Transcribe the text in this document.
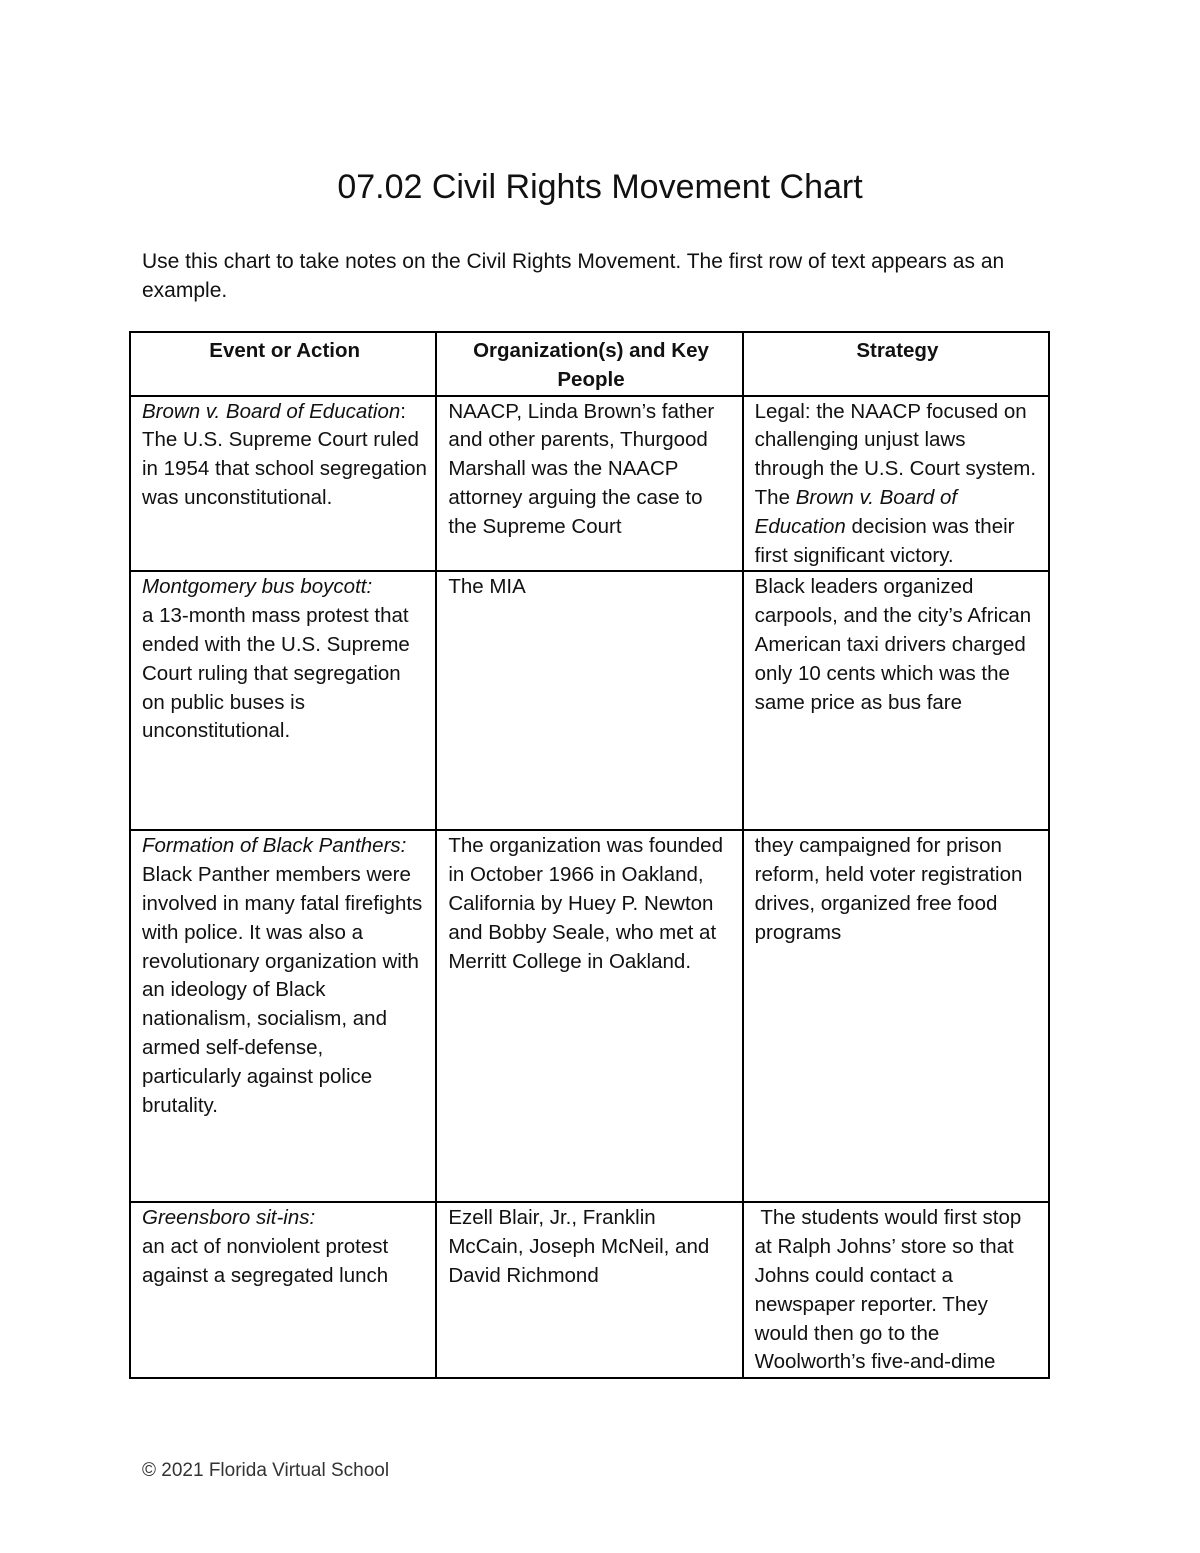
07.02 Civil Rights Movement Chart

Use this chart to take notes on the Civil Rights Movement. The first row of text appears as an example.

Event or Action	Organization(s) and Key People	Strategy
Brown v. Board of Education:
The U.S. Supreme Court ruled in 1954 that school segregation was unconstitutional.	NAACP, Linda Brown’s father and other parents, Thurgood Marshall was the NAACP attorney arguing the case to the Supreme Court	Legal: the NAACP focused on challenging unjust laws through the U.S. Court system. The Brown v. Board of Education decision was their first significant victory.
Montgomery bus boycott:
a 13-month mass protest that ended with the U.S. Supreme Court ruling that segregation on public buses is unconstitutional.	The MIA	Black leaders organized carpools, and the city’s African American taxi drivers charged only 10 cents which was the same price as bus fare
Formation of Black Panthers:
Black Panther members were involved in many fatal firefights with police. It was also a revolutionary organization with an ideology of Black nationalism, socialism, and armed self-defense, particularly against police brutality.	The organization was founded in October 1966 in Oakland, California by Huey P. Newton and Bobby Seale, who met at Merritt College in Oakland.	they campaigned for prison reform, held voter registration drives, organized free food programs
Greensboro sit-ins:
an act of nonviolent protest against a segregated lunch	Ezell Blair, Jr., Franklin McCain, Joseph McNeil, and David Richmond	The students would first stop at Ralph Johns’ store so that Johns could contact a newspaper reporter. They would then go to the Woolworth’s five-and-dime

© 2021 Florida Virtual School
